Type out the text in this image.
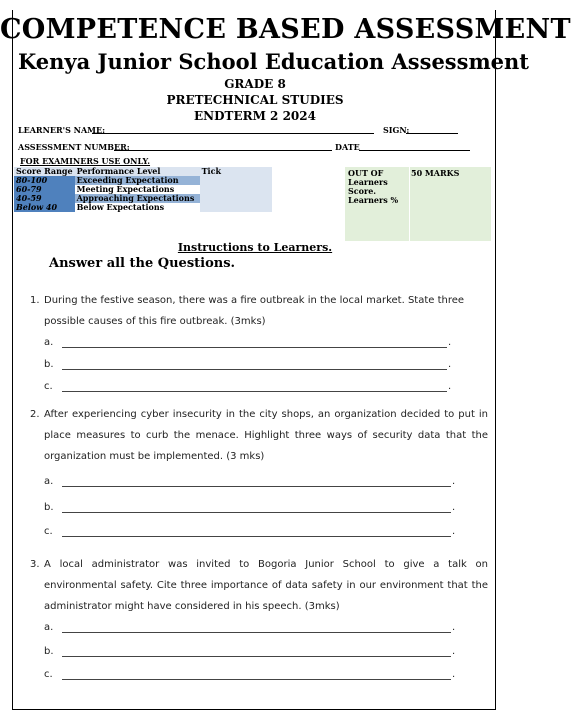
COMPETENCE BASED ASSESSMENT
Kenya Junior School Education Assessment
GRADE 8
PRETECHNICAL STUDIES
ENDTERM 2 2024
LEARNER'S NAME:	SIGN:
ASSESSMENT NUMBER:	DATE
FOR EXAMINERS USE ONLY.
Score Range	Performance Level	Tick
80-100	Exceeding Expectation	
60-79	Meeting Expectations	
40-59	Approaching Expectations	
Below 40	Below Expectations	
OUT OF	50 MARKS
Learners
Score.
Learners %
Instructions to Learners.
Answer all the Questions.
1. During the festive season, there was a fire outbreak in the local market. State three possible causes of this fire outbreak. (3mks)
a.	.
b.	.
c.	.
2. After experiencing cyber insecurity in the city shops, an organization decided to put in place measures to curb the menace. Highlight three ways of security data that the organization must be implemented. (3 mks)
a.	.
b.	.
c.	.
3. A local administrator was invited to Bogoria Junior School to give a talk on environmental safety. Cite three importance of data safety in our environment that the administrator might have considered in his speech. (3mks)
a.	.
b.	.
c.	.
